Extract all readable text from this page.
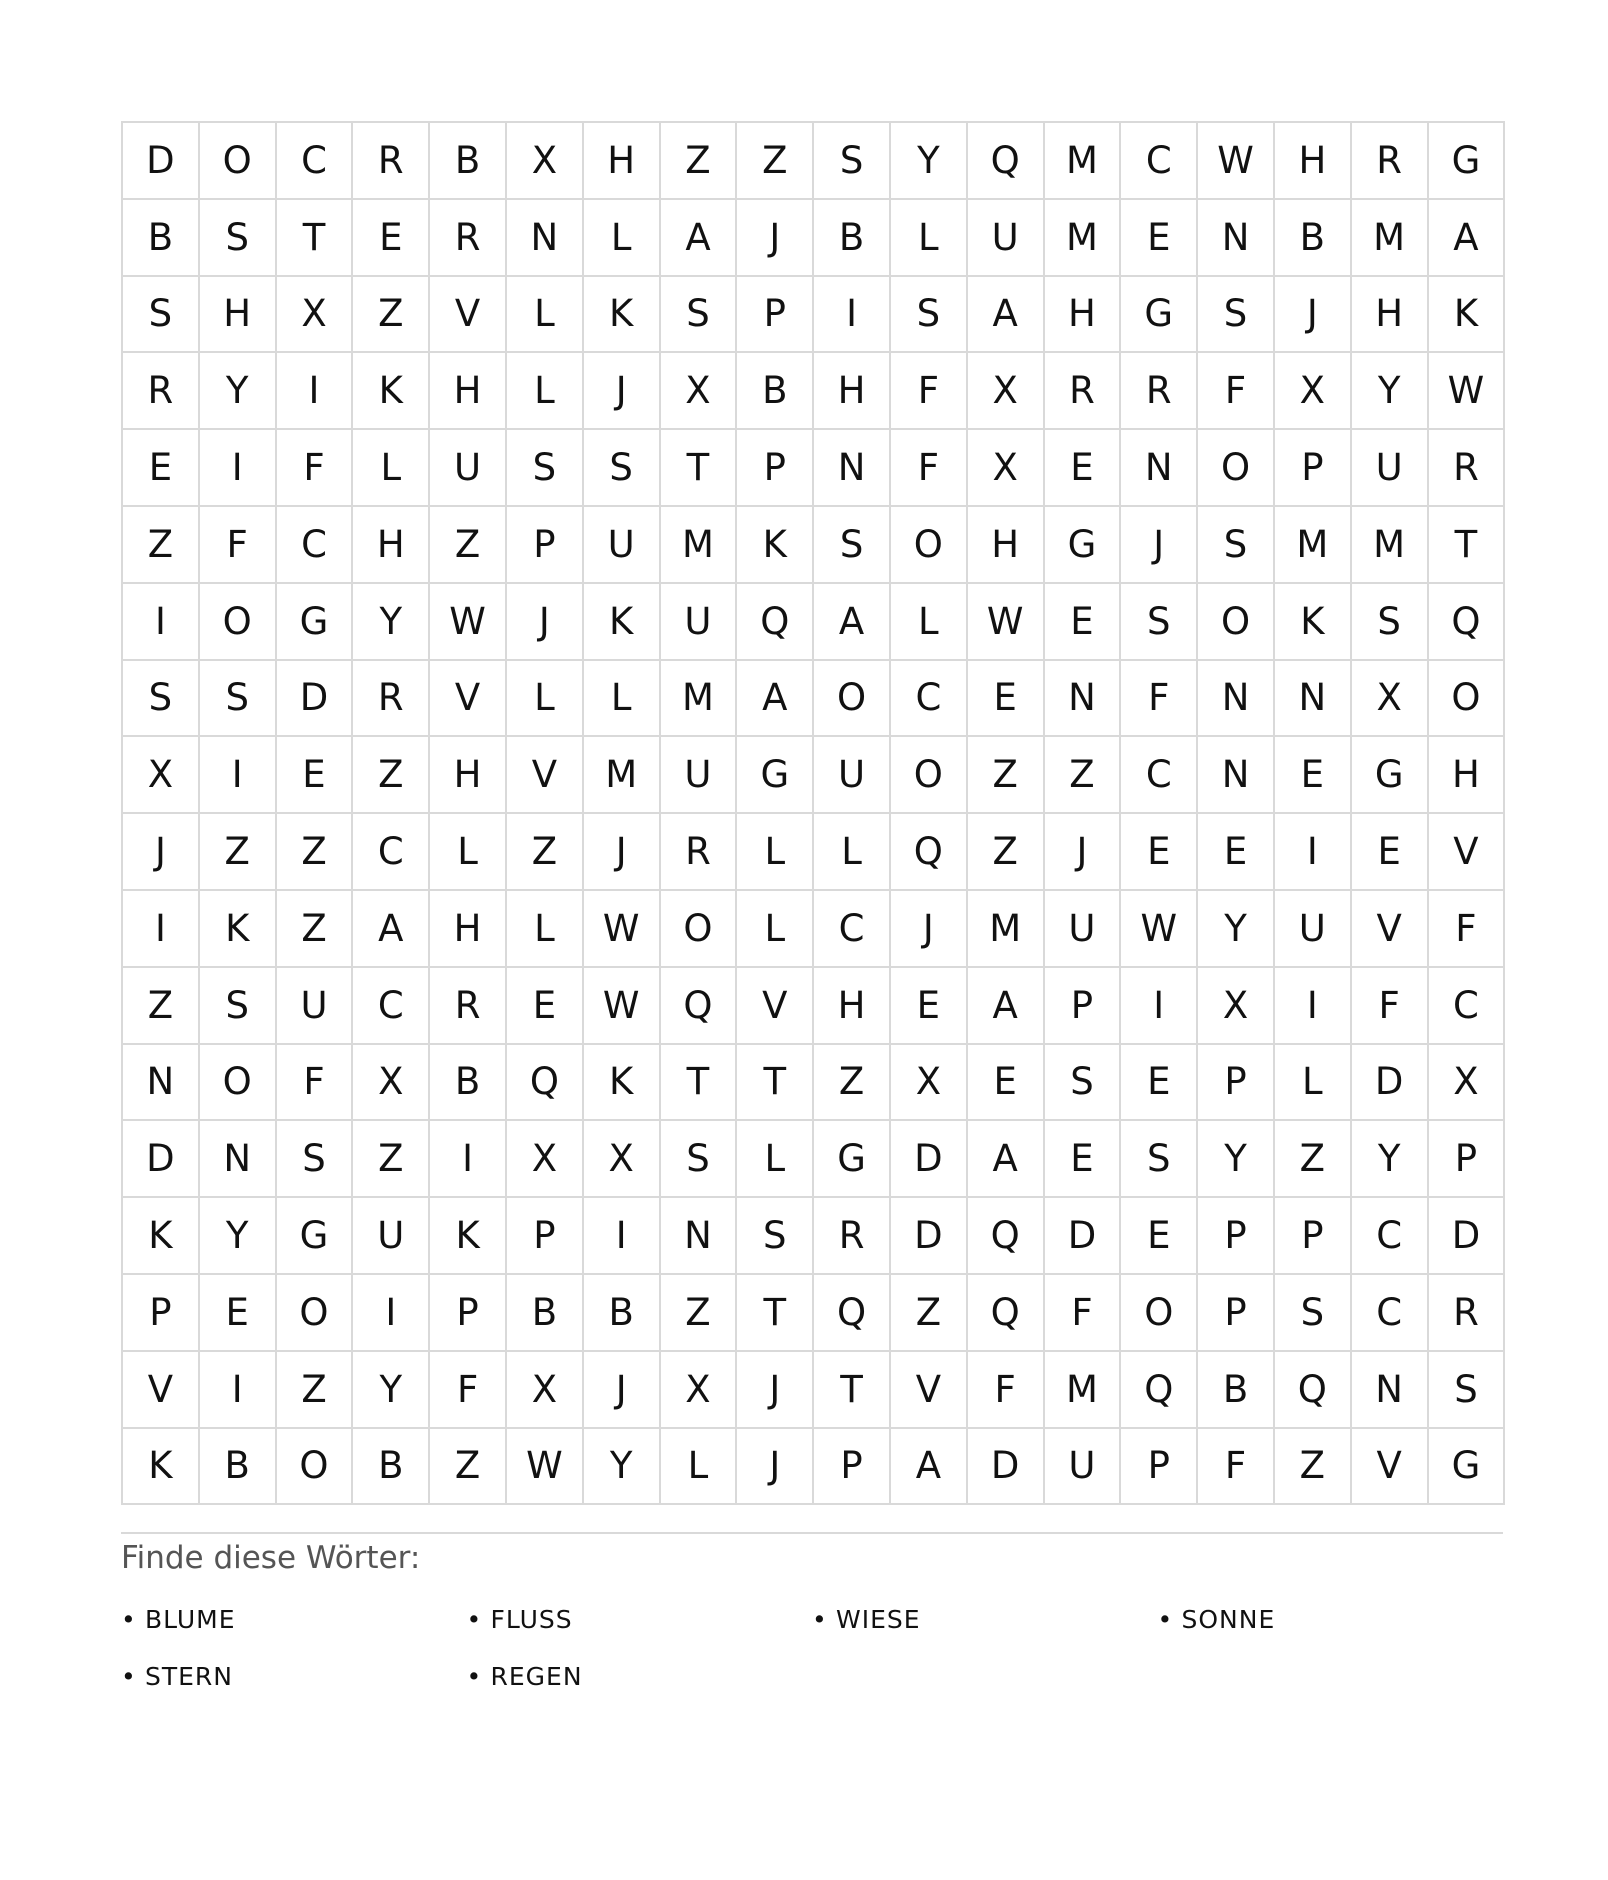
D	O	C	R	B	X	H	Z	Z	S	Y	Q	M	C	W	H	R	G
B	S	T	E	R	N	L	A	J	B	L	U	M	E	N	B	M	A
S	H	X	Z	V	L	K	S	P	I	S	A	H	G	S	J	H	K
R	Y	I	K	H	L	J	X	B	H	F	X	R	R	F	X	Y	W
E	I	F	L	U	S	S	T	P	N	F	X	E	N	O	P	U	R
Z	F	C	H	Z	P	U	M	K	S	O	H	G	J	S	M	M	T
I	O	G	Y	W	J	K	U	Q	A	L	W	E	S	O	K	S	Q
S	S	D	R	V	L	L	M	A	O	C	E	N	F	N	N	X	O
X	I	E	Z	H	V	M	U	G	U	O	Z	Z	C	N	E	G	H
J	Z	Z	C	L	Z	J	R	L	L	Q	Z	J	E	E	I	E	V
I	K	Z	A	H	L	W	O	L	C	J	M	U	W	Y	U	V	F
Z	S	U	C	R	E	W	Q	V	H	E	A	P	I	X	I	F	C
N	O	F	X	B	Q	K	T	T	Z	X	E	S	E	P	L	D	X
D	N	S	Z	I	X	X	S	L	G	D	A	E	S	Y	Z	Y	P
K	Y	G	U	K	P	I	N	S	R	D	Q	D	E	P	P	C	D
P	E	O	I	P	B	B	Z	T	Q	Z	Q	F	O	P	S	C	R
V	I	Z	Y	F	X	J	X	J	T	V	F	M	Q	B	Q	N	S
K	B	O	B	Z	W	Y	L	J	P	A	D	U	P	F	Z	V	G
Finde diese Wörter:
• BLUME	• FLUSS	• WIESE	• SONNE
• STERN	• REGEN
